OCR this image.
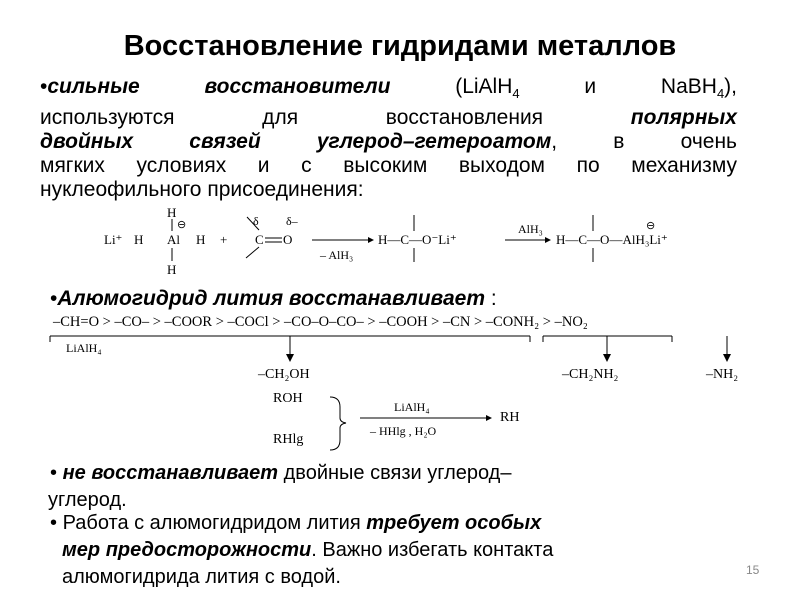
Восстановление гидридами металлов
•сильные восстановители (LiAlH$_4$ и NaBH$_4$),
используются для восстановления полярных
двойных связей углерод–гетероатом, в очень
мягких условиях и с высоким выходом по механизму
нуклеофильного присоединения:
Li⁺ H Al
⊖
H
H
H
+
δ δ–
C O
– AlH₃
H—C—O⁻Li⁺
AlH₃	⊖
H—C—O—AlH₃Li⁺
•Алюмогидрид лития восстанавливает :
–CH=O > –CO– > –COOR > –COCl > –CO–O–CO– > –COOH > –CN > –CONH₂ > –NO₂
LiAlH₄
–CH₂OH	–CH₂NH₂	–NH₂
ROH
RHlg
LiAlH₄
– HHlg , H₂O
RH
• не восстанавливает двойные связи углерод–
углерод.
• Работа с алюмогидридом лития требует особых
мер предосторожности. Важно избегать контакта
алюмогидрида лития с водой.	15
